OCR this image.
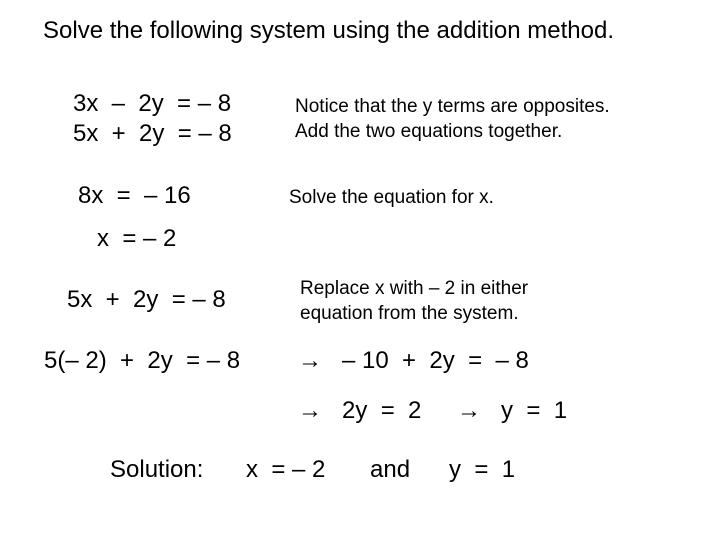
Solve the following system using the addition method.
3x  –  2y  = – 8
5x  +  2y  = – 8
Notice that the y terms are opposites.
Add the two equations together.
8x  =  – 16	Solve the equation for x.
x  = – 2
5x  +  2y  = – 8	Replace x with – 2 in either
equation from the system.
5(– 2)  +  2y  = – 8 →   – 10  +  2y  =  – 8
→   2y  =  2 →   y  =  1
Solution: x  = – 2 and y  =  1
